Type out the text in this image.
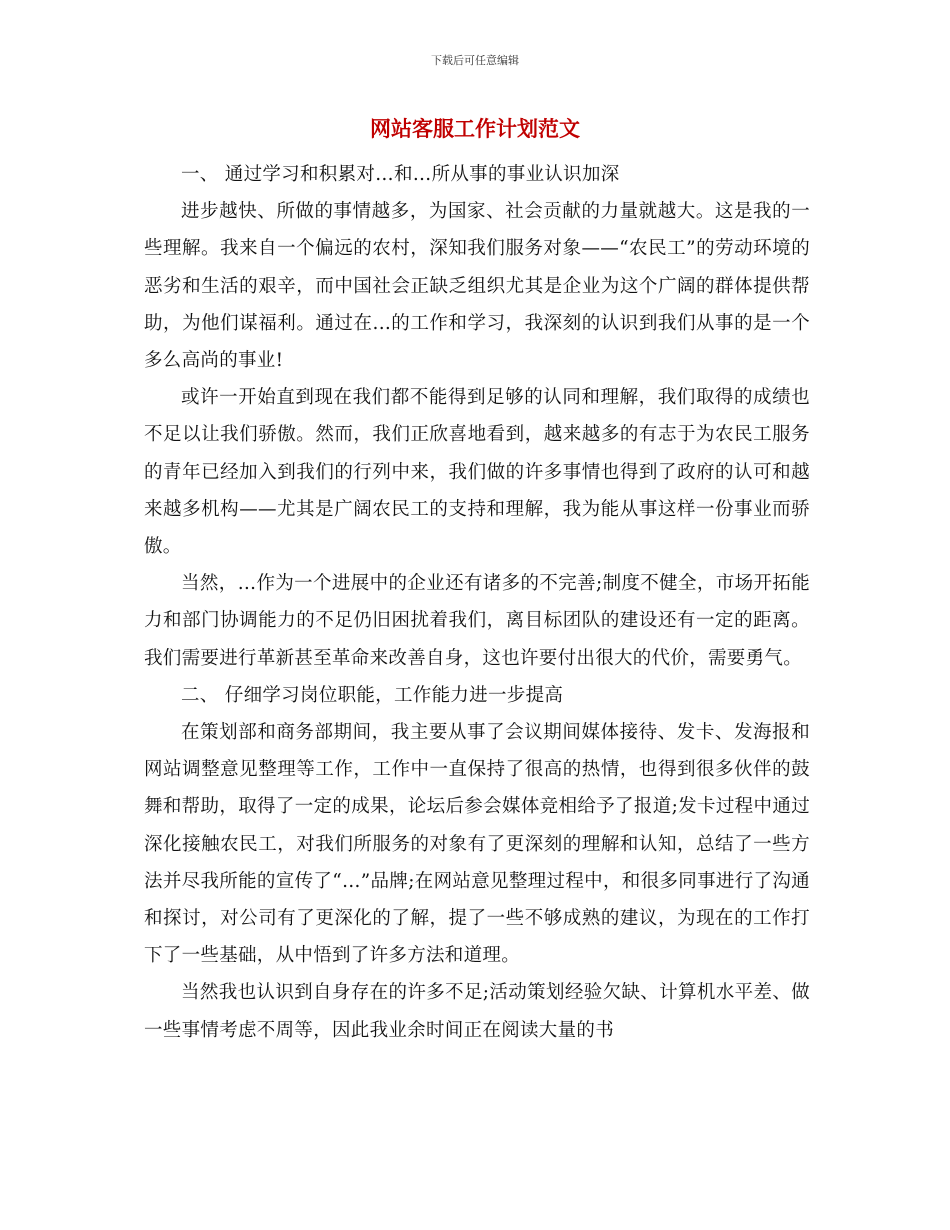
下载后可任意编辑
网站客服工作计划范文

一、 通过学习和积累对…和…所从事的事业认识加深

进步越快、所做的事情越多，为国家、社会贡献的力量就越大。这是我的一些理解。我来自一个偏远的农村，深知我们服务对象——“农民工”的劳动环境的恶劣和生活的艰辛，而中国社会正缺乏组织尤其是企业为这个广阔的群体提供帮助，为他们谋福利。通过在...的工作和学习，我深刻的认识到我们从事的是一个多么高尚的事业!

或许一开始直到现在我们都不能得到足够的认同和理解，我们取得的成绩也不足以让我们骄傲。然而，我们正欣喜地看到，越来越多的有志于为农民工服务的青年已经加入到我们的行列中来，我们做的许多事情也得到了政府的认可和越来越多机构——尤其是广阔农民工的支持和理解，我为能从事这样一份事业而骄傲。

当然，…作为一个进展中的企业还有诸多的不完善;制度不健全，市场开拓能力和部门协调能力的不足仍旧困扰着我们，离目标团队的建设还有一定的距离。我们需要进行革新甚至革命来改善自身，这也许要付出很大的代价，需要勇气。

二、 仔细学习岗位职能，工作能力进一步提高

在策划部和商务部期间，我主要从事了会议期间媒体接待、发卡、发海报和网站调整意见整理等工作，工作中一直保持了很高的热情，也得到很多伙伴的鼓舞和帮助，取得了一定的成果，论坛后参会媒体竞相给予了报道;发卡过程中通过深化接触农民工，对我们所服务的对象有了更深刻的理解和认知，总结了一些方法并尽我所能的宣传了“…”品牌;在网站意见整理过程中，和很多同事进行了沟通和探讨，对公司有了更深化的了解，提了一些不够成熟的建议，为现在的工作打下了一些基础，从中悟到了许多方法和道理。

当然我也认识到自身存在的许多不足;活动策划经验欠缺、计算机水平差、做一些事情考虑不周等，因此我业余时间正在阅读大量的书
